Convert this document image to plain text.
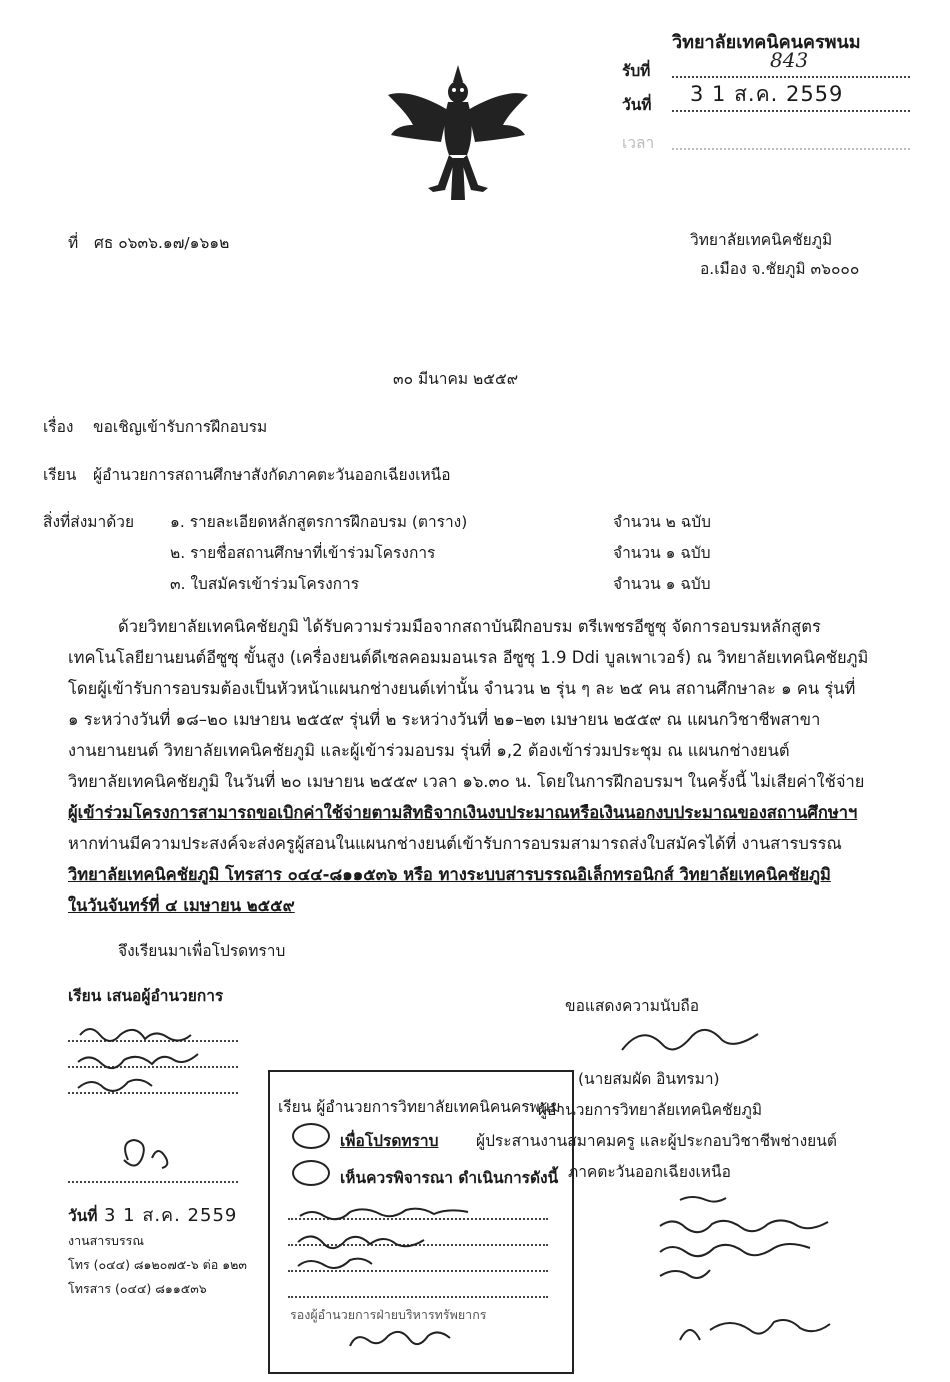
วิทยาลัยเทคนิคนครพนม
รับที่	843
วันที่ 3 1 ส.ค. 2559
เวลา
ที่ ศธ ๐๖๓๖.๑๗/๑๖๑๒	วิทยาลัยเทคนิคชัยภูมิ
อ.เมือง จ.ชัยภูมิ ๓๖๐๐๐
๓๐ มีนาคม ๒๕๕๙
เรื่อง ขอเชิญเข้ารับการฝึกอบรม
เรียน ผู้อำนวยการสถานศึกษาสังกัดภาคตะวันออกเฉียงเหนือ
สิ่งที่ส่งมาด้วย ๑. รายละเอียดหลักสูตรการฝึกอบรม (ตาราง)	จำนวน ๒ ฉบับ
๒. รายชื่อสถานศึกษาที่เข้าร่วมโครงการ	จำนวน ๑ ฉบับ
๓. ใบสมัครเข้าร่วมโครงการ	จำนวน ๑ ฉบับ
ด้วยวิทยาลัยเทคนิคชัยภูมิ ได้รับความร่วมมือจากสถาบันฝึกอบรม ตรีเพชรอีซูซุ จัดการอบรมหลักสูตร
เทคโนโลยียานยนต์อีซูซุ ขั้นสูง (เครื่องยนต์ดีเซลคอมมอนเรล อีซูซุ 1.9 Ddi บูลเพาเวอร์) ณ วิทยาลัยเทคนิคชัยภูมิ
โดยผู้เข้ารับการอบรมต้องเป็นหัวหน้าแผนกช่างยนต์เท่านั้น จำนวน ๒ รุ่น ๆ ละ ๒๕ คน สถานศึกษาละ ๑ คน รุ่นที่
๑ ระหว่างวันที่ ๑๘–๒๐ เมษายน ๒๕๕๙ รุ่นที่ ๒ ระหว่างวันที่ ๒๑–๒๓ เมษายน ๒๕๕๙ ณ แผนกวิชาชีพสาขา
งานยานยนต์ วิทยาลัยเทคนิคชัยภูมิ และผู้เข้าร่วมอบรม รุ่นที่ ๑,2 ต้องเข้าร่วมประชุม ณ แผนกช่างยนต์
วิทยาลัยเทคนิคชัยภูมิ ในวันที่ ๒๐ เมษายน ๒๕๕๙ เวลา ๑๖.๓๐ น. โดยในการฝึกอบรมฯ ในครั้งนี้ ไม่เสียค่าใช้จ่าย
ผู้เข้าร่วมโครงการสามารถขอเบิกค่าใช้จ่ายตามสิทธิจากเงินงบประมาณหรือเงินนอกงบประมาณของสถานศึกษาฯ
หากท่านมีความประสงค์จะส่งครูผู้สอนในแผนกช่างยนต์เข้ารับการอบรมสามารถส่งใบสมัครได้ที่ งานสารบรรณ
วิทยาลัยเทคนิคชัยภูมิ โทรสาร ๐๔๔-๘๑๑๕๓๖ หรือ ทางระบบสารบรรณอิเล็กทรอนิกส์ วิทยาลัยเทคนิคชัยภูมิ
ในวันจันทร์ที่ ๔ เมษายน ๒๕๕๙
จึงเรียนมาเพื่อโปรดทราบ
เรียน เสนอผู้อำนวยการ
วันที่ 3 1 ส.ค. 2559
งานสารบรรณ
โทร (๐๔๔) ๘๑๒๐๗๕-๖ ต่อ ๑๒๓
โทรสาร (๐๔๔) ๘๑๑๕๓๖
ขอแสดงความนับถือ
(นายสมผัด อินทรมา)
ผู้อำนวยการวิทยาลัยเทคนิคชัยภูมิ
ผู้ประสานงานสมาคมครู และผู้ประกอบวิชาชีพช่างยนต์
ภาคตะวันออกเฉียงเหนือ
เรียน ผู้อำนวยการวิทยาลัยเทคนิคนครพนม
เพื่อโปรดทราบ
เห็นควรพิจารณา ดำเนินการดังนี้
รองผู้อำนวยการฝ่ายบริหารทรัพยากร
